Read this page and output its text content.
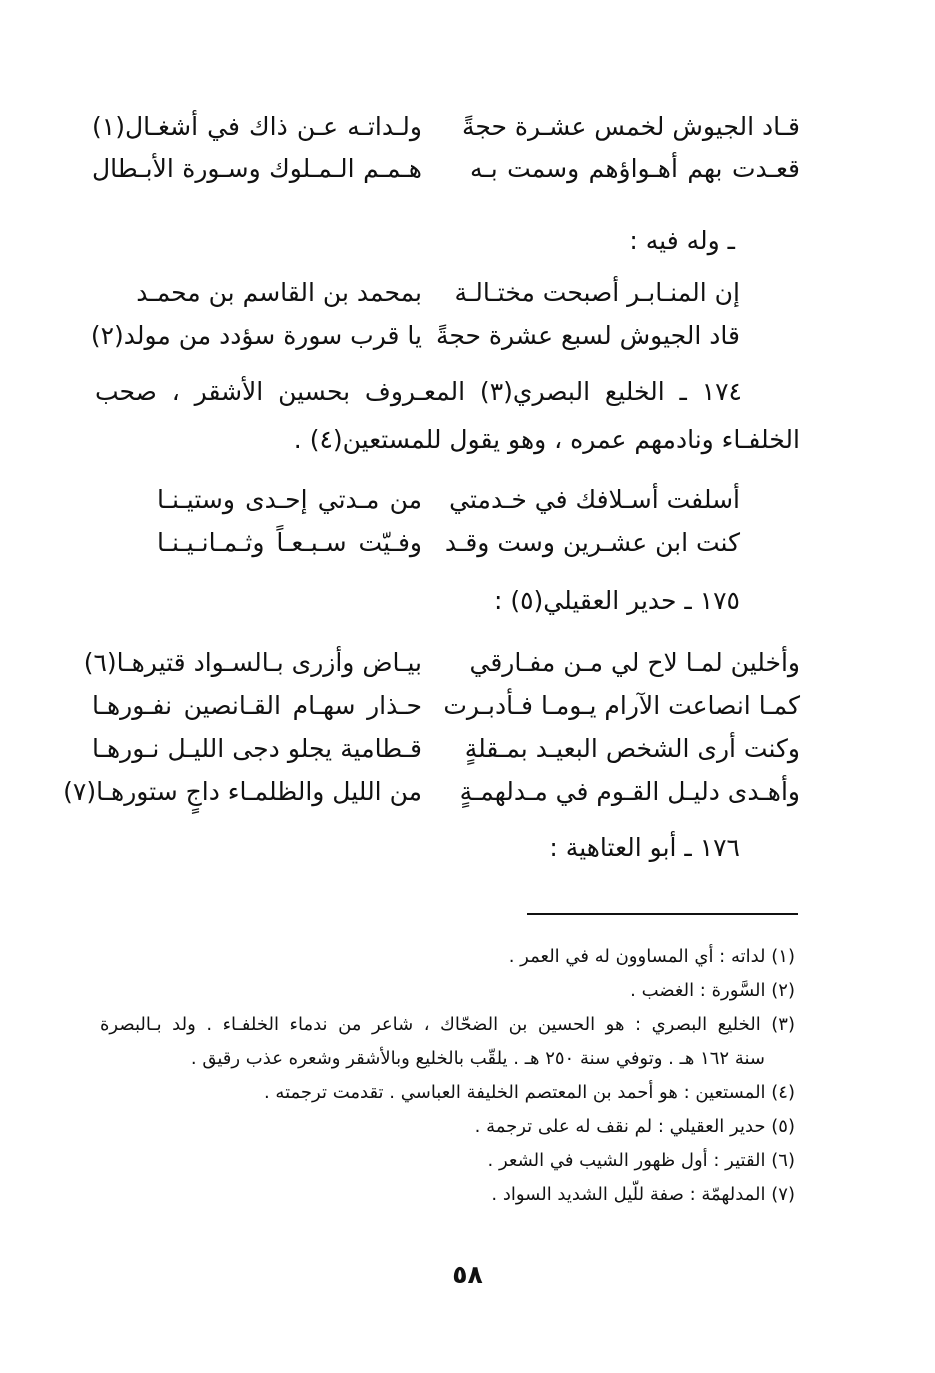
قـاد الجيوش لخمس عشـرة حجةً
ولـداتـه عـن ذاك في أشغـال(١)
قعـدت بهم أهـواؤهم وسمت بـه
هـمـم الـمـلوك وسـورة الأبـطال
ـ وله فيه :
إن المنـابـر أصبحت مختـالـة
بمحمد بن القاسم بن محمـد
قاد الجيوش لسبع عشرة حجةً
يا قرب سورة سؤدد من مولد(٢)
١٧٤ ـ الخليع البصري(٣) المعـروف بحسين الأشقر ، صحب الخلفـاء ونادمهم عمره ، وهو يقول للمستعين(٤) .
أسلفت أسـلافك في خـدمتي
من مـدتي إحـدى وستيـنـا
كنت ابن عشـرين وست وقـد
وفـيّت سـبـعـاً وثـمـانـيـنـا
١٧٥ ـ حدير العقيلي(٥) :
وأخلين لمـا لاح لي مـن مفـارقي
بيـاض وأزرى بـالسـواد قتيرهـا(٦)
كمـا انصاعت الآرام يـومـا فـأدبـرت
حـذار سهـام القـانصين نفـورهـا
وكنت أرى الشخص البعيـد بمـقلةٍ
قـطامية يجلو دجى الليـل نـورهـا
وأهـدى دليـل القـوم في مـدلهمـةٍ
من الليل والظلمـاء داجٍ ستورهـا(٧)
١٧٦ ـ أبو العتاهية :
(١) لداته : أي المساوون له في العمر .
(٢) السَّورة : الغضب .
(٣) الخليع البصري : هو الحسين بن الضحّاك ، شاعر من ندماء الخلفـاء . ولد بـالبصرة
سنة ١٦٢ هـ . وتوفي سنة ٢٥٠ هـ . يلقّب بالخليع وبالأشقر وشعره عذب رقيق .
(٤) المستعين : هو أحمد بن المعتصم الخليفة العباسي . تقدمت ترجمته .
(٥) حدير العقيلي : لم نقف له على ترجمة .
(٦) القتير : أول ظهور الشيب في الشعر .
(٧) المدلهمّة : صفة للّيل الشديد السواد .
٥٨
